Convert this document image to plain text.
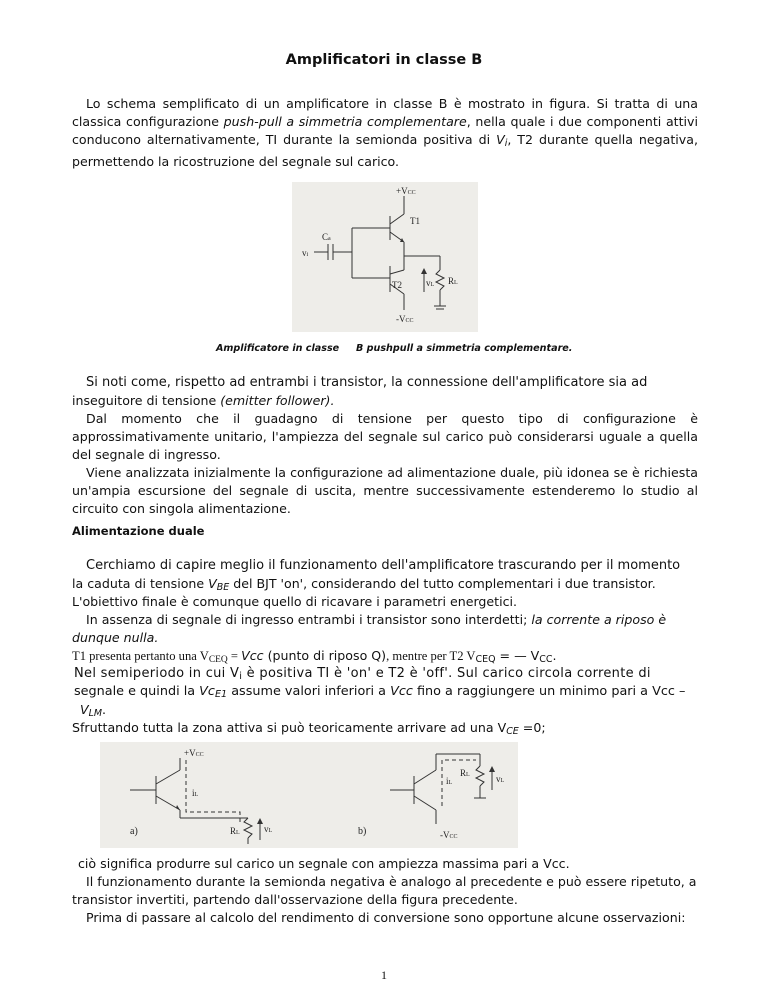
Amplificatori in classe B
Lo schema semplificato di un amplificatore in classe B è mostrato in figura. Si tratta di una classica configurazione push-pull a simmetria complementare, nella quale i due componenti attivi conducono alternativamente, TI durante la semionda positiva di $V_i$, T2 durante quella negativa, permettendo la ricostruzione del segnale sul carico.
+VCC
-VCC
Ca
vi
T1
T2	vL RL
Amplificatore in classe B pushpull a simmetria complementare.
Si noti come, rispetto ad entrambi i transistor, la connessione dell'amplificatore sia ad
inseguitore di tensione (emitter follower).
Dal momento che il guadagno di tensione per questo tipo di configurazione è approssimativamente unitario, l'ampiezza del segnale sul carico può considerarsi uguale a quella del segnale di ingresso.
Viene analizzata inizialmente la configurazione ad alimentazione duale, più idonea se è richiesta un'ampia escursione del segnale di uscita, mentre successivamente estenderemo lo studio al circuito con singola alimentazione.
Alimentazione duale
Cerchiamo di capire meglio il funzionamento dell'amplificatore trascurando per il momento
la caduta di tensione $V_{BE}$ del BJT 'on', considerando del tutto complementari i due transistor.
L'obiettivo finale è comunque quello di ricavare i parametri energetici.
In assenza di segnale di ingresso entrambi i transistor sono interdetti; la corrente a riposo è
dunque nulla.
T1 presenta pertanto una $V_{CEQ}$ = Vcc (punto di riposo Q), mentre per T2 $V_{CEQ}$ = — $V_{CC}$.
Nel semiperiodo in cui $V_i$ è positiva TI è 'on' e T2 è 'off'. Sul carico circola corrente di
segnale e quindi la $Vc_{E1}$ assume valori inferiori a Vcc fino a raggiungere un minimo pari a Vcc –
$V_{LM}$.
Sfruttando tutta la zona attiva si può teoricamente arrivare ad una $V_{CE} =0$;
+VCC
iL
a)	RL	vL	b)	-VCC
iL
RL	vL
ciò significa produrre sul carico un segnale con ampiezza massima pari a Vcc.
Il funzionamento durante la semionda negativa è analogo al precedente e può essere ripetuto, a
transistor invertiti, partendo dall'osservazione della figura precedente.
Prima di passare al calcolo del rendimento di conversione sono opportune alcune osservazioni:
1
